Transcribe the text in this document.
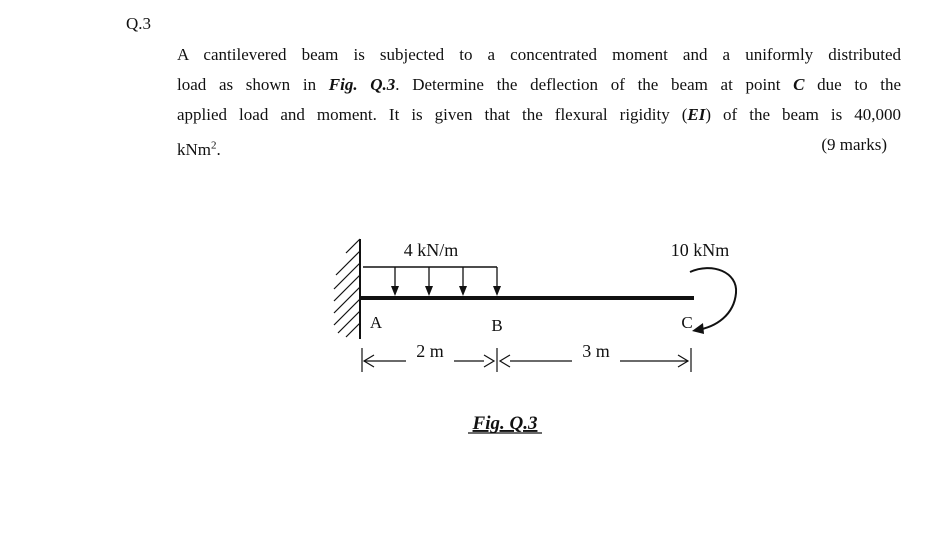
Q.3
A cantilevered beam is subjected to a concentrated moment and a uniformly distributed
load as shown in Fig. Q.3. Determine the deflection of the beam at point C due to the
applied load and moment. It is given that the flexural rigidity (EI) of the beam is 40,000
kNm$^2$.	(9 marks)
4 kN/m	10 kNm
A	B	C
2 m	3 m
Fig. Q.3
